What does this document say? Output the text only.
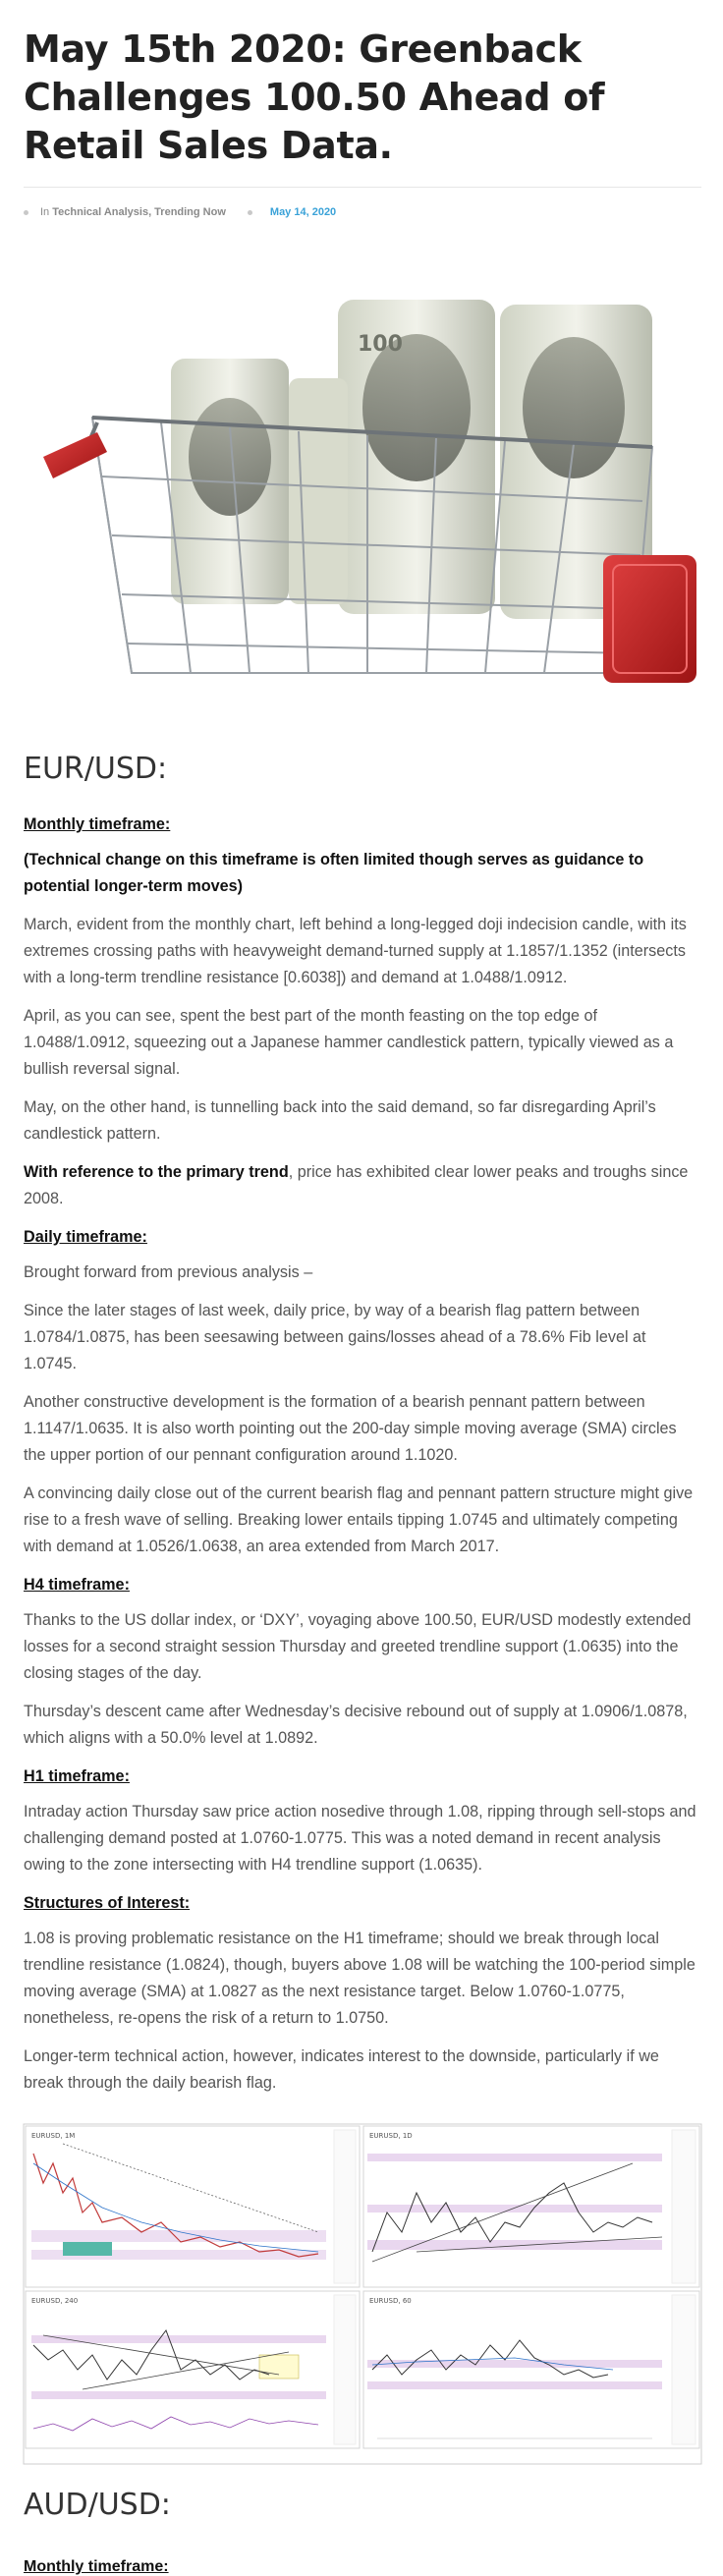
May 15th 2020: Greenback Challenges 100.50 Ahead of Retail Sales Data.
In Technical Analysis, Trending Now	May 14, 2020
100
EUR/USD:

Monthly timeframe:

(Technical change on this timeframe is often limited though serves as guidance to potential longer-term moves)

March, evident from the monthly chart, left behind a long-legged doji indecision candle, with its extremes crossing paths with heavyweight demand-turned supply at 1.1857/1.1352 (intersects with a long-term trendline resistance [0.6038]) and demand at 1.0488/1.0912.

April, as you can see, spent the best part of the month feasting on the top edge of 1.0488/1.0912, squeezing out a Japanese hammer candlestick pattern, typically viewed as a bullish reversal signal.

May, on the other hand, is tunnelling back into the said demand, so far disregarding April’s candlestick pattern.

With reference to the primary trend, price has exhibited clear lower peaks and troughs since 2008.

Daily timeframe:

Brought forward from previous analysis –

Since the later stages of last week, daily price, by way of a bearish flag pattern between 1.0784/1.0875, has been seesawing between gains/losses ahead of a 78.6% Fib level at 1.0745.

Another constructive development is the formation of a bearish pennant pattern between 1.1147/1.0635. It is also worth pointing out the 200-day simple moving average (SMA) circles the upper portion of our pennant configuration around 1.1020.

A convincing daily close out of the current bearish flag and pennant pattern structure might give rise to a fresh wave of selling. Breaking lower entails tipping 1.0745 and ultimately competing with demand at 1.0526/1.0638, an area extended from March 2017.

H4 timeframe:

Thanks to the US dollar index, or ‘DXY’, voyaging above 100.50, EUR/USD modestly extended losses for a second straight session Thursday and greeted trendline support (1.0635) into the closing stages of the day.

Thursday’s descent came after Wednesday’s decisive rebound out of supply at 1.0906/1.0878, which aligns with a 50.0% level at 1.0892.

H1 timeframe:

Intraday action Thursday saw price action nosedive through 1.08, ripping through sell-stops and challenging demand posted at 1.0760-1.0775. This was a noted demand in recent analysis owing to the zone intersecting with H4 trendline support (1.0635).

Structures of Interest:

1.08 is proving problematic resistance on the H1 timeframe; should we break through local trendline resistance (1.0824), though, buyers above 1.08 will be watching the 100-period simple moving average (SMA) at 1.0827 as the next resistance target. Below 1.0760-1.0775, nonetheless, re-opens the risk of a return to 1.0750.

Longer-term technical action, however, indicates interest to the downside, particularly if we break through the daily bearish flag.

EURUSD, 1M	EURUSD, 1D
EURUSD, 240	EURUSD, 60
AUD/USD:
Monthly timeframe:
